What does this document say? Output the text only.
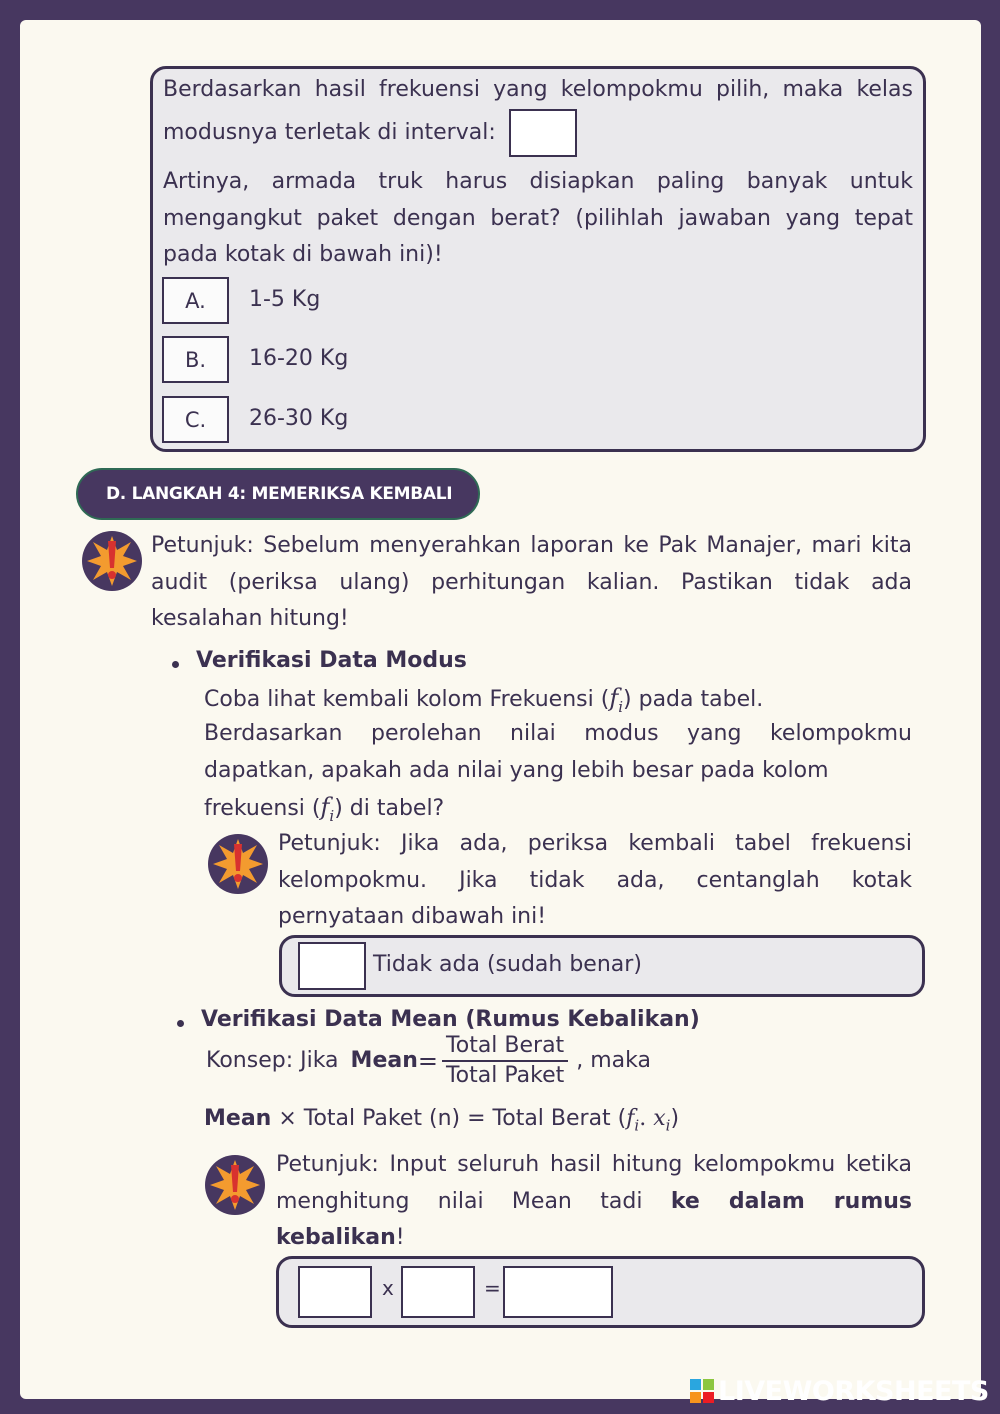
Berdasarkan hasil frekuensi yang kelompokmu pilih, maka kelas modusnya terletak di interval:
Artinya, armada truk harus disiapkan paling banyak untuk mengangkut paket dengan berat? (pilihlah jawaban yang tepat pada kotak di bawah ini)!
A.	1-5 Kg
B.	16-20 Kg
C.	26-30 Kg
D. LANGKAH 4: MEMERIKSA KEMBALI
Petunjuk: Sebelum menyerahkan laporan ke Pak Manajer, mari kita audit (periksa ulang) perhitungan kalian. Pastikan tidak ada kesalahan hitung!
Verifikasi Data Modus
Coba lihat kembali kolom Frekuensi $(f_i)$ pada tabel.
Berdasarkan perolehan nilai modus yang kelompokmu dapatkan, apakah ada nilai yang lebih besar pada kolom
frekuensi $(f_i)$ di tabel?
Petunjuk: Jika ada, periksa kembali tabel frekuensi kelompokmu. Jika tidak ada, centanglah kotak pernyataan dibawah ini!
Tidak ada (sudah benar)
Verifikasi Data Mean (Rumus Kebalikan)
Konsep: Jika Mean = $\frac{\text{Total Berat}}{\text{Total Paket}}$ , maka
Mean × Total Paket (n) = Total Berat ($f_i$. $x_i$)
Petunjuk: Input seluruh hasil hitung kelompokmu ketika menghitung nilai Mean tadi ke dalam rumus kebalikan!
x	=
LIVEWORKSHEETS
